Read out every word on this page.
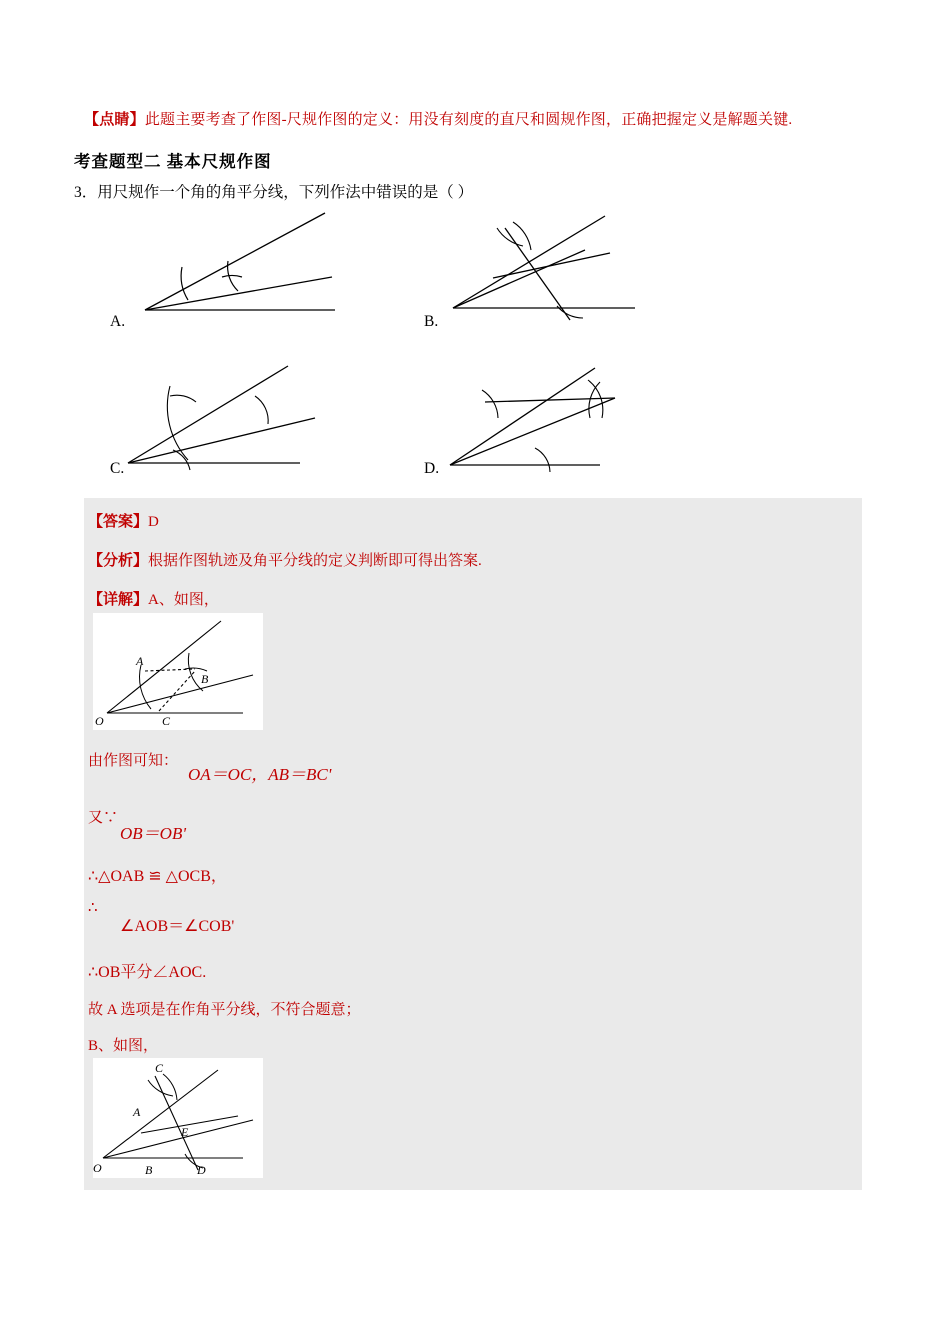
【点睛】此题主要考查了作图-尺规作图的定义：用没有刻度的直尺和圆规作图，正确把握定义是解题关键.
考查题型二 基本尺规作图
3．用尺规作一个角的角平分线，下列作法中错误的是（ ）
A.	B.
C.	D.
【答案】D
【分析】根据作图轨迹及角平分线的定义判断即可得出答案.
【详解】A、如图，
A
B
C
O
由作图可知：
OA＝OC，AB＝BC'
又∵
OB＝OB'
∴△OAB ≌ △OCB，
∴
∠AOB＝∠COB'
∴OB平分∠AOC.
故 A 选项是在作角平分线，不符合题意；
B、如图，
C
A
E
O	B	D
